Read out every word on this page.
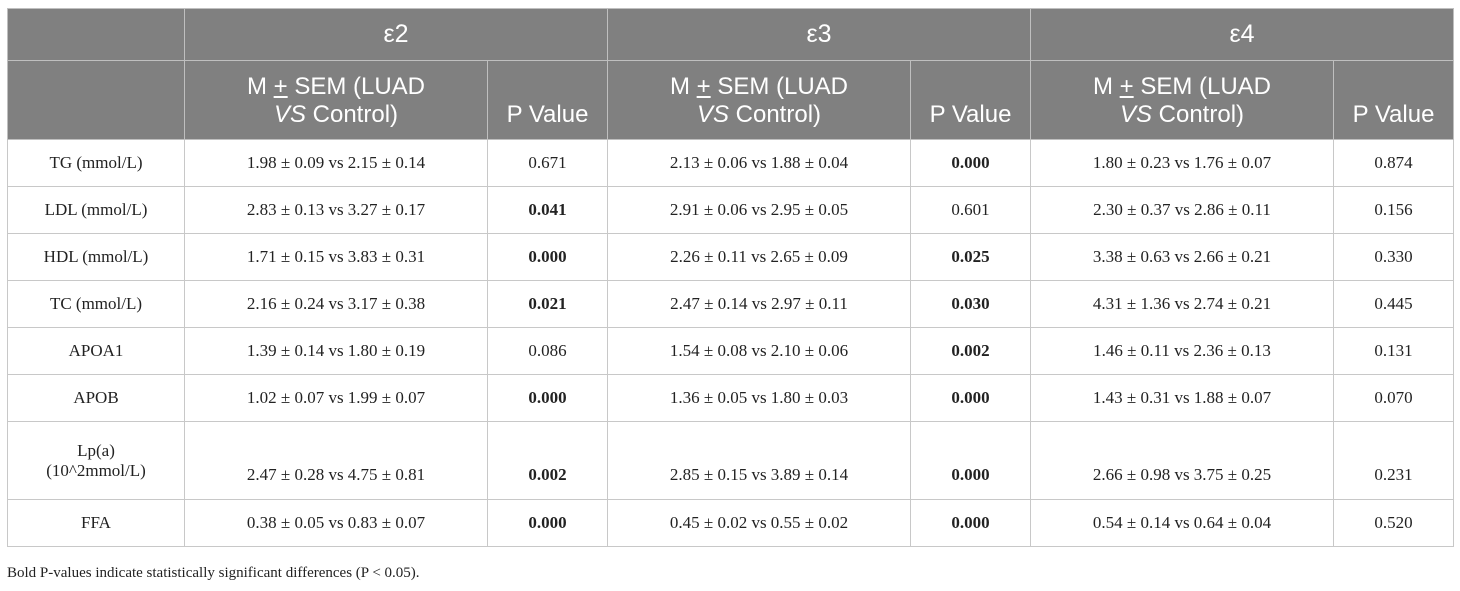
	ε2		ε3		ε4	
	M + SEM (LUAD
VS Control)	P Value	M + SEM (LUAD
VS Control)	P Value	M + SEM (LUAD
VS Control)	P Value
TG (mmol/L)	1.98 ± 0.09 vs 2.15 ± 0.14	0.671	2.13 ± 0.06 vs 1.88 ± 0.04	0.000	1.80 ± 0.23 vs 1.76 ± 0.07	0.874
LDL (mmol/L)	2.83 ± 0.13 vs 3.27 ± 0.17	0.041	2.91 ± 0.06 vs 2.95 ± 0.05	0.601	2.30 ± 0.37 vs 2.86 ± 0.11	0.156
HDL (mmol/L)	1.71 ± 0.15 vs 3.83 ± 0.31	0.000	2.26 ± 0.11 vs 2.65 ± 0.09	0.025	3.38 ± 0.63 vs 2.66 ± 0.21	0.330
TC (mmol/L)	2.16 ± 0.24 vs 3.17 ± 0.38	0.021	2.47 ± 0.14 vs 2.97 ± 0.11	0.030	4.31 ± 1.36 vs 2.74 ± 0.21	0.445
APOA1	1.39 ± 0.14 vs 1.80 ± 0.19	0.086	1.54 ± 0.08 vs 2.10 ± 0.06	0.002	1.46 ± 0.11 vs 2.36 ± 0.13	0.131
APOB	1.02 ± 0.07 vs 1.99 ± 0.07	0.000	1.36 ± 0.05 vs 1.80 ± 0.03	0.000	1.43 ± 0.31 vs 1.88 ± 0.07	0.070
Lp(a)
(10^2mmol/L)	2.47 ± 0.28 vs 4.75 ± 0.81	0.002	2.85 ± 0.15 vs 3.89 ± 0.14	0.000	2.66 ± 0.98 vs 3.75 ± 0.25	0.231
FFA	0.38 ± 0.05 vs 0.83 ± 0.07	0.000	0.45 ± 0.02 vs 0.55 ± 0.02	0.000	0.54 ± 0.14 vs 0.64 ± 0.04	0.520
Bold P-values indicate statistically significant differences (P < 0.05).
